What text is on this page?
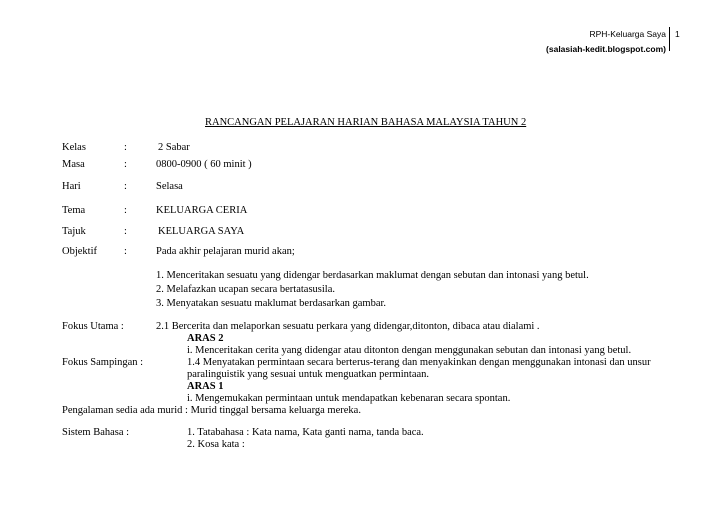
RPH-Keluarga Saya 1
(salasiah-kedit.blogspot.com)
RANCANGAN PELAJARAN HARIAN BAHASA MALAYSIA TAHUN 2
Kelas	:	2 Sabar
Masa	:	0800-0900 ( 60 minit )
Hari	:	Selasa
Tema	:	KELUARGA CERIA
Tajuk	:	KELUARGA SAYA
Objektif	:	Pada akhir pelajaran murid akan;
1. Menceritakan sesuatu yang didengar berdasarkan maklumat dengan sebutan dan intonasi yang betul.
2. Melafazkan ucapan secara bertatasusila.
3. Menyatakan sesuatu maklumat berdasarkan gambar.
Fokus Utama :	2.1 Bercerita dan melaporkan sesuatu perkara yang didengar,ditonton, dibaca atau dialami .
ARAS 2
i. Menceritakan cerita yang didengar atau ditonton dengan menggunakan sebutan dan intonasi yang betul.
Fokus Sampingan :	1.4 Menyatakan permintaan secara berterus-terang dan menyakinkan dengan menggunakan intonasi dan unsur
paralinguistik yang sesuai untuk menguatkan permintaan.
ARAS 1
i. Mengemukakan permintaan untuk mendapatkan kebenaran secara spontan.
Pengalaman sedia ada murid : Murid tinggal bersama keluarga mereka.
Sistem Bahasa :	1. Tatabahasa : Kata nama, Kata ganti nama, tanda baca.
2. Kosa kata :
